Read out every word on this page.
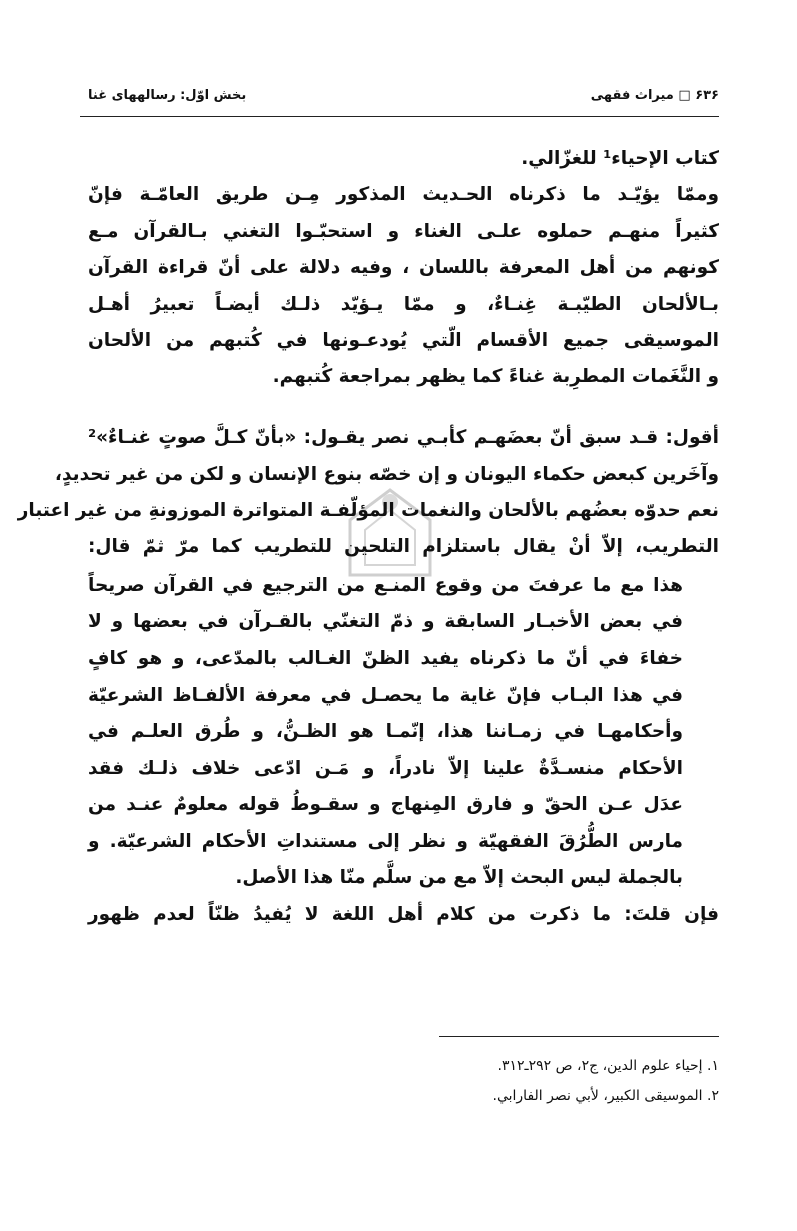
۶۳۶ □ میراث فقهی
بخش اوّل: رسالههای غنا
كتاب الإحياء¹ للغزّالي.
وممّا يؤيّـد ما ذكرناه الحـديث المذكور مِـن طريق العامّـة فإنّ
كثيراً منهـم حملوه علـى الغناء و استحبّـوا التغني بـالقرآن مـع
كونهم من أهل المعرفة باللسان ، وفيه دلالة على أنّ قراءة القرآن
بـالألحان الطيّبـة غِنـاءٌ، و ممّا يـؤيّد ذلـك أيضـاً تعبيرُ أهـل
الموسيقى جميع الأقسام الّتي يُودعـونها في كُتبهم من الألحان
و النَّغَمات المطرِبة غناءً كما يظهر بمراجعة كُتبهم.
أقول: قـد سبق أنّ بعضَهـم كأبـي نصر يقـول: «بأنّ كـلَّ صوتٍ غنـاءٌ»²
وآخَرين كبعض حكماء اليونان و إن خصّه بنوع الإنسان و لكن من غير تحديدٍ،
نعم حدوّه بعضُهم بالألحان والنغمات المؤلّفـة المتواترة الموزونةِ من غير اعتبار
التطريب، إلاّ أنْ يقال باستلزام التلحين للتطريب كما مرّ ثمّ قال:
هذا مع ما عرفتَ من وقوع المنـع من الترجيع في القرآن صريحاً
في بعض الأخبـار السابقة و ذمّ التغنّي بالقـرآن في بعضها و لا
خفاءَ في أنّ ما ذكرناه يفيد الظنّ الغـالب بالمدّعى، و هو كافٍ
في هذا البـاب فإنّ غاية ما يحصـل في معرفة الألفـاظ الشرعيّة
وأحكامهـا في زمـاننا هذا، إنّمـا هو الظـنُّ، و طُرق العلـم في
الأحكام منسـدَّةٌ علينا إلاّ نادراً، و مَـن ادّعى خلاف ذلـك فقد
عدَل عـن الحقّ و فارق المِنهاج و سقـوطُ قوله معلومٌ عنـد من
مارس الطُّرُقَ الفقهيّة و نظر إلى مستنداتِ الأحكام الشرعيّة. و
بالجملة ليس البحث إلاّ مع من سلَّم منّا هذا الأصل.
فإن قلتَ: ما ذكرت من كلام أهل اللغة لا يُفيدُ ظنّاً لعدم ظهور
١. إحياء علوم الدين، ج٢، ص ٢٩٢ـ٣١٢.
٢. الموسيقى الكبير، لأبي نصر الفارابي.
